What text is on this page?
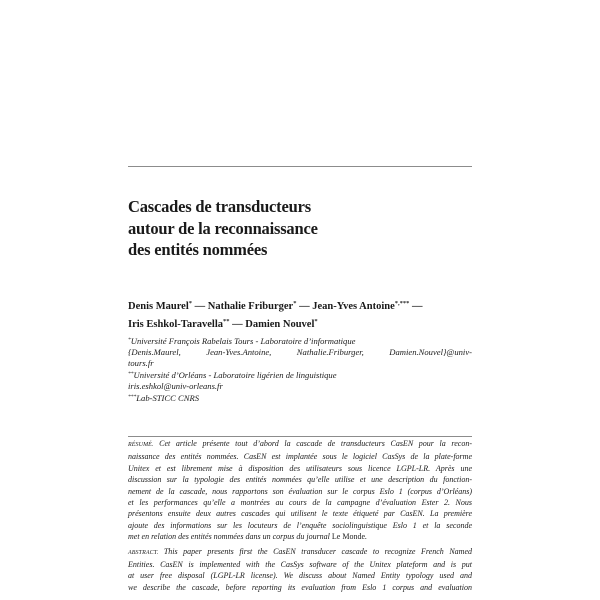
Cascades de transducteurs
autour de la reconnaissance
des entités nommées
Denis Maurel* — Nathalie Friburger* — Jean-Yves Antoine*,*** —
Iris Eshkol-Taravella** — Damien Nouvel*
*Université François Rabelais Tours - Laboratoire d’informatique
{Denis.Maurel, Jean-Yves.Antoine, Nathalie.Friburger, Damien.Nouvel}@univ-
tours.fr
**Université d’Orléans - Laboratoire ligérien de linguistique
iris.eshkol@univ-orleans.fr
***Lab-STICC CNRS
RÉSUMÉ. Cet article présente tout d’abord la cascade de transducteurs CasEN pour la recon-
naissance des entités nommées. CasEN est implantée sous le logiciel CasSys de la plate-forme
Unitex et est librement mise à disposition des utilisateurs sous licence LGPL-LR. Après une
discussion sur la typologie des entités nommées qu’elle utilise et une description du fonction-
nement de la cascade, nous rapportons son évaluation sur le corpus Eslo 1 (corpus d’Orléans)
et les performances qu’elle a montrées au cours de la campagne d’évaluation Ester 2. Nous
présentons ensuite deux autres cascades qui utilisent le texte étiqueté par CasEN. La première
ajoute des informations sur les locuteurs de l’enquête sociolinguistique Eslo 1 et la seconde
met en relation des entités nommées dans un corpus du journal Le Monde.
ABSTRACT. This paper presents first the CasEN transducer cascade to recognize French Named
Entities. CasEN is implemented with the CasSys software of the Unitex plateform and is put
at user free disposal (LGPL-LR license). We discuss about Named Entity typology used and
we describe the cascade, before reporting its evaluation from Eslo 1 corpus and evaluation
